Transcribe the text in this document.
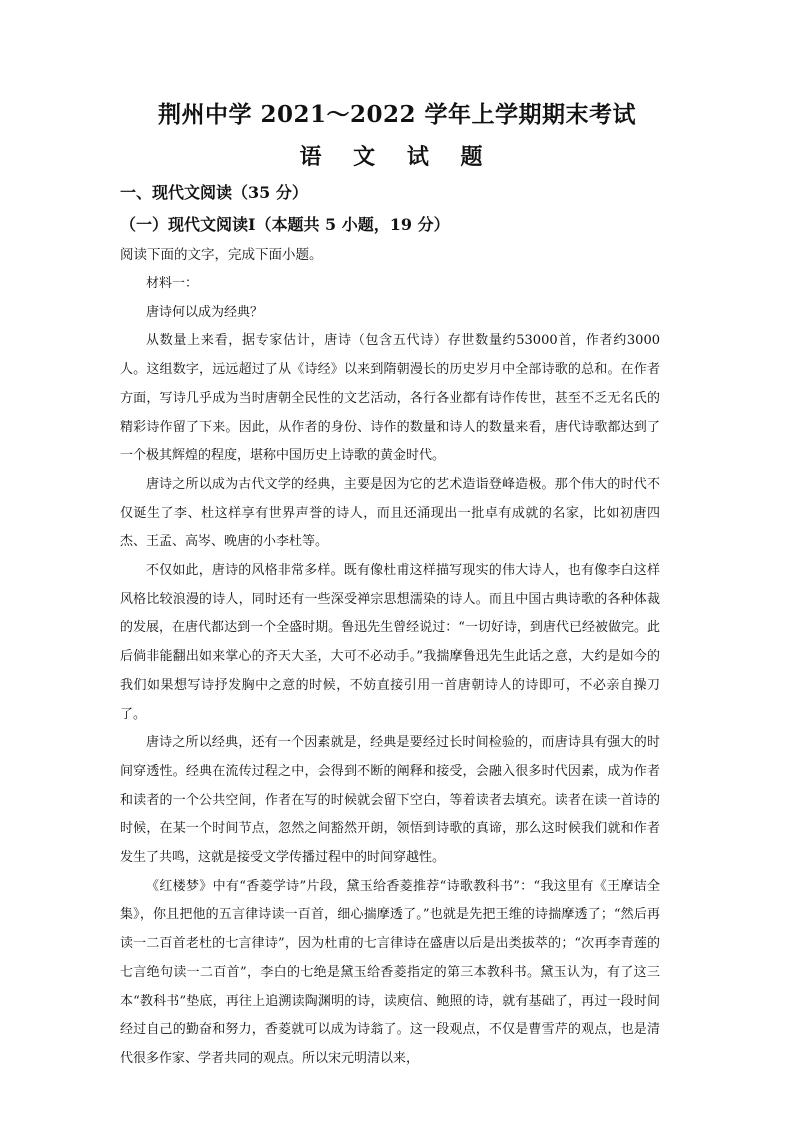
荆州中学 2021～2022 学年上学期期末考试
语 文 试 题
一、现代文阅读（35 分）
（一）现代文阅读Ⅰ（本题共 5 小题，19 分）
阅读下面的文字，完成下面小题。

材料一：

唐诗何以成为经典？

从数量上来看，据专家估计，唐诗（包含五代诗）存世数量约53000首，作者约3000人。这组数字，远远超过了从《诗经》以来到隋朝漫长的历史岁月中全部诗歌的总和。在作者方面，写诗几乎成为当时唐朝全民性的文艺活动，各行各业都有诗作传世，甚至不乏无名氏的精彩诗作留了下来。因此，从作者的身份、诗作的数量和诗人的数量来看，唐代诗歌都达到了一个极其辉煌的程度，堪称中国历史上诗歌的黄金时代。

唐诗之所以成为古代文学的经典，主要是因为它的艺术造诣登峰造极。那个伟大的时代不仅诞生了李、杜这样享有世界声誉的诗人，而且还涌现出一批卓有成就的名家，比如初唐四杰、王孟、高岑、晚唐的小李杜等。

不仅如此，唐诗的风格非常多样。既有像杜甫这样描写现实的伟大诗人，也有像李白这样风格比较浪漫的诗人，同时还有一些深受禅宗思想濡染的诗人。而且中国古典诗歌的各种体裁的发展，在唐代都达到一个全盛时期。鲁迅先生曾经说过：“一切好诗，到唐代已经被做完。此后倘非能翻出如来掌心的齐天大圣，大可不必动手。”我揣摩鲁迅先生此话之意，大约是如今的我们如果想写诗抒发胸中之意的时候，不妨直接引用一首唐朝诗人的诗即可，不必亲自操刀了。

唐诗之所以经典，还有一个因素就是，经典是要经过长时间检验的，而唐诗具有强大的时间穿透性。经典在流传过程之中，会得到不断的阐释和接受，会融入很多时代因素，成为作者和读者的一个公共空间，作者在写的时候就会留下空白，等着读者去填充。读者在读一首诗的时候，在某一个时间节点，忽然之间豁然开朗，领悟到诗歌的真谛，那么这时候我们就和作者发生了共鸣，这就是接受文学传播过程中的时间穿越性。

《红楼梦》中有“香菱学诗”片段，黛玉给香菱推荐“诗歌教科书”：“我这里有《王摩诘全集》，你且把他的五言律诗读一百首，细心揣摩透了。”也就是先把王维的诗揣摩透了；“然后再读一二百首老杜的七言律诗”，因为杜甫的七言律诗在盛唐以后是出类拔萃的；“次再李青莲的七言绝句读一二百首”，李白的七绝是黛玉给香菱指定的第三本教科书。黛玉认为，有了这三本“教科书”垫底，再往上追溯读陶渊明的诗，读庾信、鲍照的诗，就有基础了，再过一段时间经过自己的勤奋和努力，香菱就可以成为诗翁了。这一段观点，不仅是曹雪芹的观点，也是清代很多作家、学者共同的观点。所以宋元明清以来，
